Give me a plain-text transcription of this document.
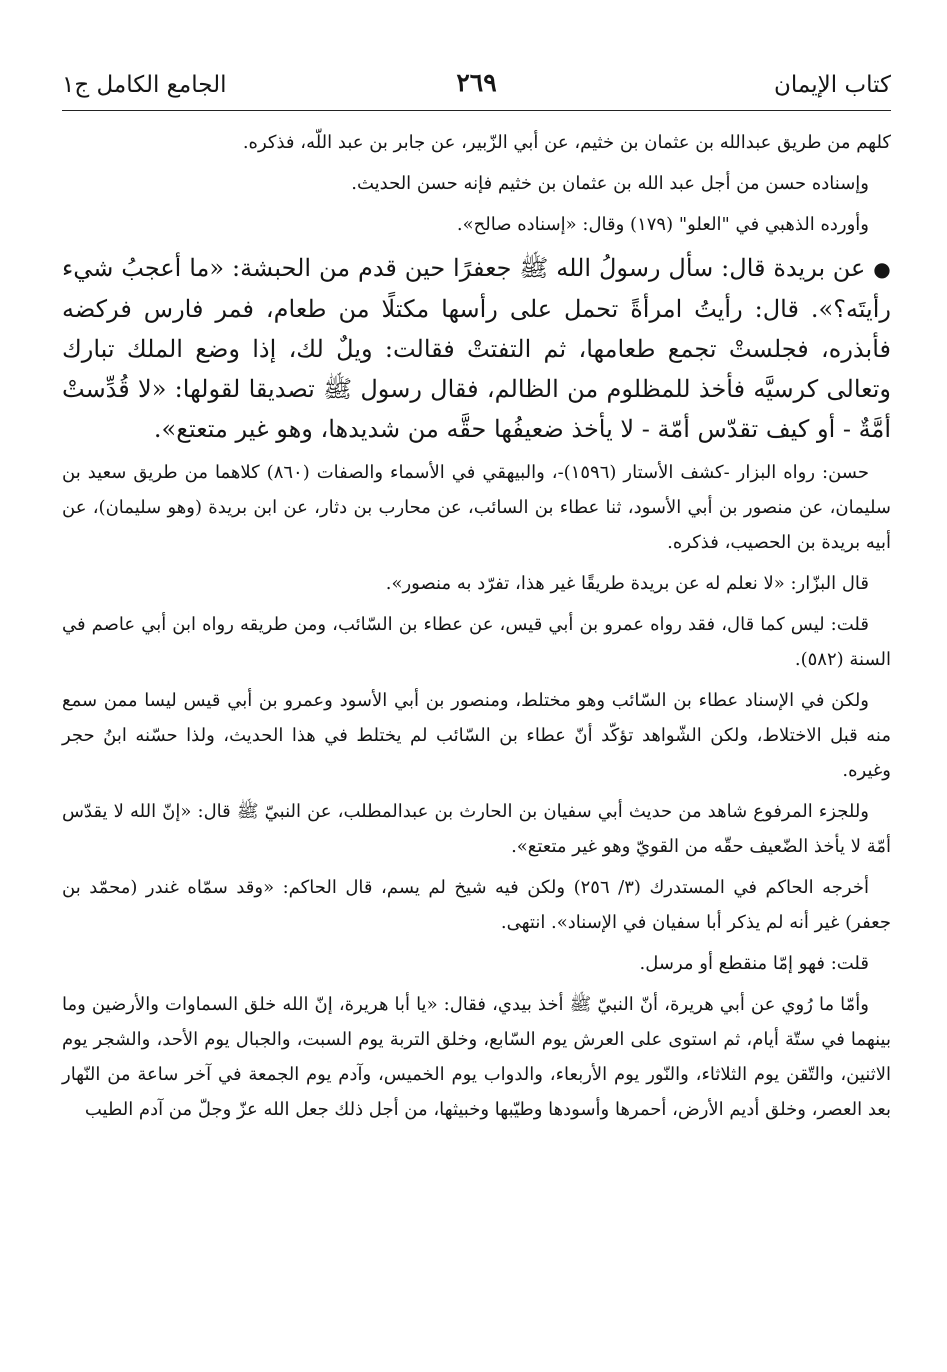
كتاب الإيمان
٢٦٩
الجامع الكامل ج١

كلهم من طريق عبدالله بن عثمان بن خثيم، عن أبي الزّبير، عن جابر بن عبد اللّه، فذكره.

وإسناده حسن من أجل عبد الله بن عثمان بن خثيم فإنه حسن الحديث.

وأورده الذهبي في "العلو" (١٧٩) وقال: «إسناده صالح».

● عن بريدة قال: سأل رسولُ الله ﷺ جعفرًا حين قدم من الحبشة: «ما أعجبُ شيء رأيتَه؟». قال: رأيتُ امرأةً تحمل على رأسها مكتلًا من طعام، فمر فارس فركضه فأبذره، فجلستْ تجمع طعامها، ثم التفتتْ فقالت: ويلٌ لك، إذا وضع الملك تبارك وتعالى كرسيَّه فأخذ للمظلوم من الظالم، فقال رسول ﷺ تصديقا لقولها: «لا قُدِّستْ أمَّةٌ - أو كيف تقدّس أمّة - لا يأخذ ضعيفُها حقَّه من شديدها، وهو غير متعتع».

حسن: رواه البزار -كشف الأستار (١٥٩٦)-، والبيهقي في الأسماء والصفات (٨٦٠) كلاهما من طريق سعيد بن سليمان، عن منصور بن أبي الأسود، ثنا عطاء بن السائب، عن محارب بن دثار، عن ابن بريدة (وهو سليمان)، عن أبيه بريدة بن الحصيب، فذكره.

قال البزّار: «لا نعلم له عن بريدة طريقًا غير هذا، تفرّد به منصور».

قلت: ليس كما قال، فقد رواه عمرو بن أبي قيس، عن عطاء بن السّائب، ومن طريقه رواه ابن أبي عاصم في السنة (٥٨٢).

ولكن في الإسناد عطاء بن السّائب وهو مختلط، ومنصور بن أبي الأسود وعمرو بن أبي قيس ليسا ممن سمع منه قبل الاختلاط، ولكن الشّواهد تؤكّد أنّ عطاء بن السّائب لم يختلط في هذا الحديث، ولذا حسّنه ابنُ حجر وغيره.

وللجزء المرفوع شاهد من حديث أبي سفيان بن الحارث بن عبدالمطلب، عن النبيّ ﷺ قال: «إنّ الله لا يقدّس أمّة لا يأخذ الضّعيف حقّه من القويّ وهو غير متعتع».

أخرجه الحاكم في المستدرك (٣/ ٢٥٦) ولكن فيه شيخ لم يسم، قال الحاكم: «وقد سمّاه غندر (محمّد بن جعفر) غير أنه لم يذكر أبا سفيان في الإسناد». انتهى.

قلت: فهو إمّا منقطع أو مرسل.

وأمّا ما رُوي عن أبي هريرة، أنّ النبيّ ﷺ أخذ بيدي، فقال: «يا أبا هريرة، إنّ الله خلق السماوات والأرضين وما بينهما في ستّة أيام، ثم استوى على العرش يوم السّابع، وخلق التربة يوم السبت، والجبال يوم الأحد، والشجر يوم الاثنين، والتّقن يوم الثلاثاء، والنّور يوم الأربعاء، والدواب يوم الخميس، وآدم يوم الجمعة في آخر ساعة من النّهار بعد العصر، وخلق أديم الأرض، أحمرها وأسودها وطيّبها وخبيثها، من أجل ذلك جعل الله عزّ وجلّ من آدم الطيب
